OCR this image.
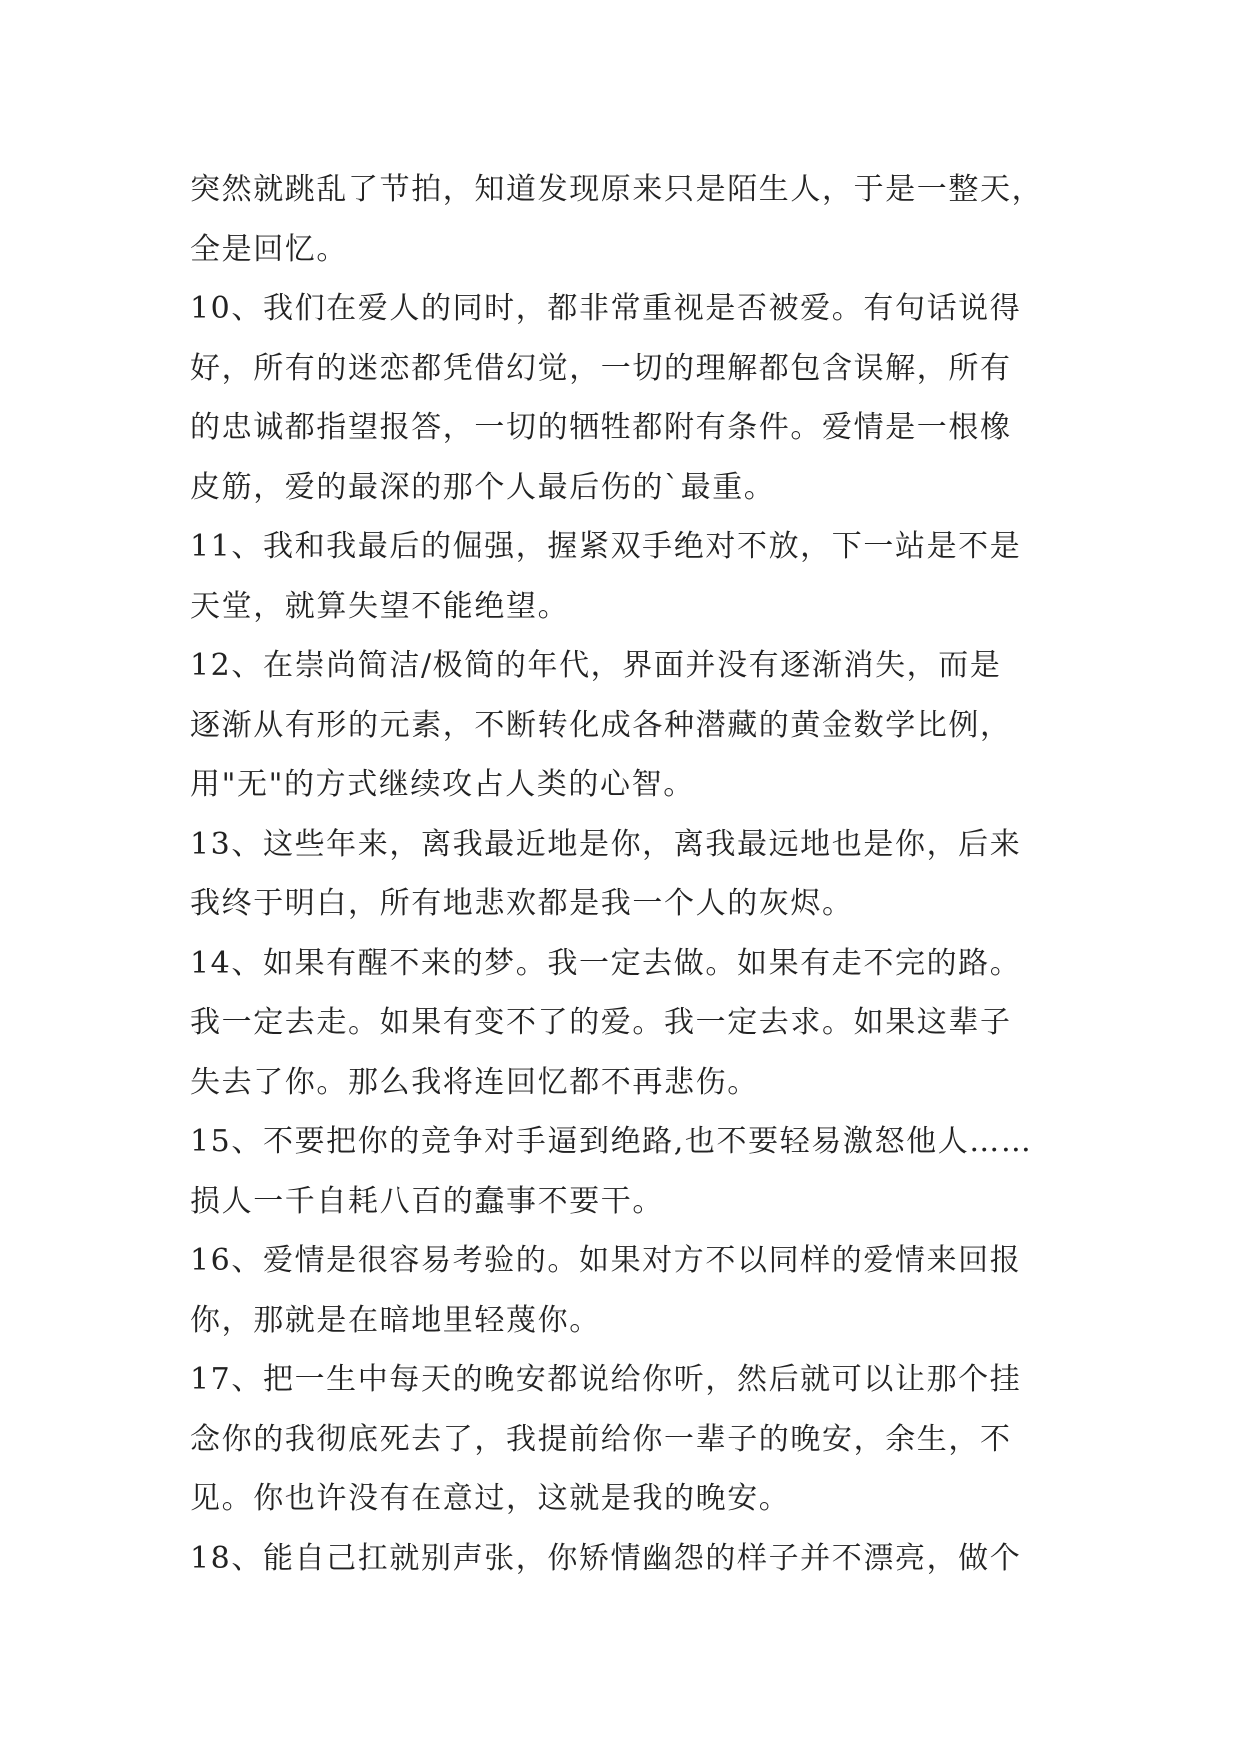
突然就跳乱了节拍，知道发现原来只是陌生人，于是一整天，
全是回忆。
10、我们在爱人的同时，都非常重视是否被爱。有句话说得
好，所有的迷恋都凭借幻觉，一切的理解都包含误解，所有
的忠诚都指望报答，一切的牺牲都附有条件。爱情是一根橡
皮筋，爱的最深的那个人最后伤的`最重。
11、我和我最后的倔强，握紧双手绝对不放，下一站是不是
天堂，就算失望不能绝望。
12、在崇尚简洁/极简的年代，界面并没有逐渐消失，而是
逐渐从有形的元素，不断转化成各种潜藏的黄金数学比例，
用"无"的方式继续攻占人类的心智。
13、这些年来，离我最近地是你，离我最远地也是你，后来
我终于明白，所有地悲欢都是我一个人的灰烬。
14、如果有醒不来的梦。我一定去做。如果有走不完的路。
我一定去走。如果有变不了的爱。我一定去求。如果这辈子
失去了你。那么我将连回忆都不再悲伤。
15、不要把你的竞争对手逼到绝路,也不要轻易激怒他人……
损人一千自耗八百的蠢事不要干。
16、爱情是很容易考验的。如果对方不以同样的爱情来回报
你，那就是在暗地里轻蔑你。
17、把一生中每天的晚安都说给你听，然后就可以让那个挂
念你的我彻底死去了，我提前给你一辈子的晚安，余生，不
见。你也许没有在意过，这就是我的晚安。
18、能自己扛就别声张，你矫情幽怨的样子并不漂亮，做个
